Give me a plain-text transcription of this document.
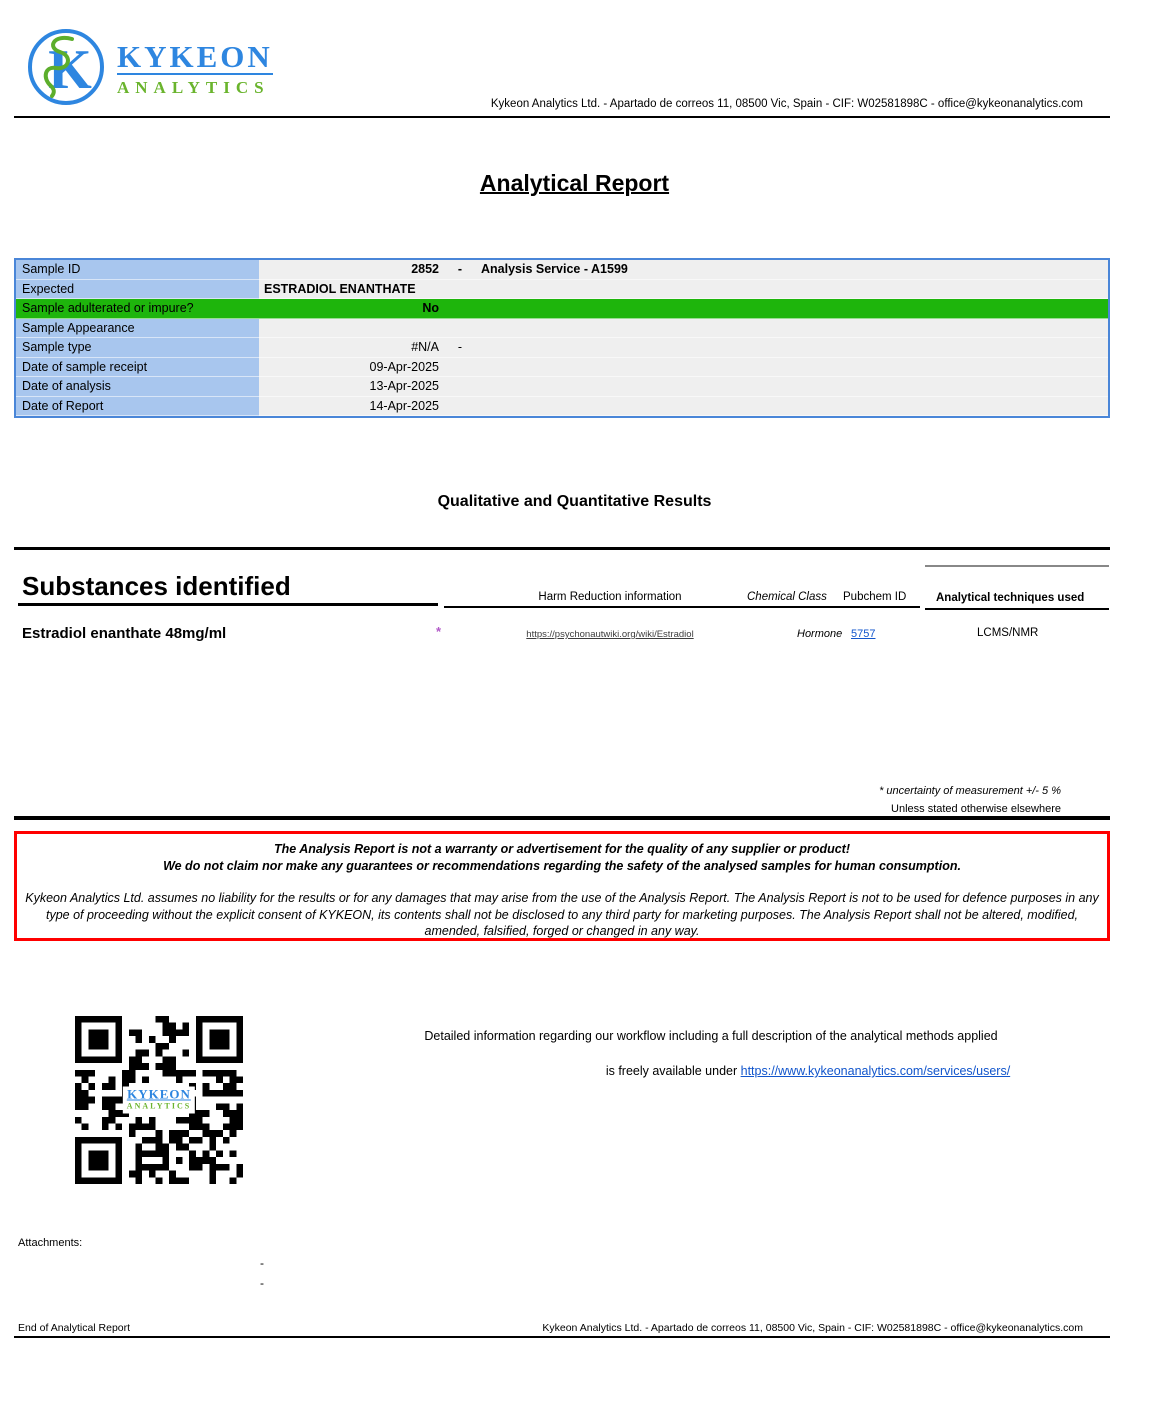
K KYKEON
ANALYTICS
Kykeon Analytics Ltd. - Apartado de correos 11, 08500 Vic, Spain - CIF: W02581898C - office@kykeonanalytics.com
Analytical Report
Sample ID	2852	-	Analysis Service - A1599
Expected	ESTRADIOL ENANTHATE
Sample adulterated or impure?	No
Sample Appearance
Sample type	#N/A	-
Date of sample receipt	09-Apr-2025
Date of analysis	13-Apr-2025
Date of Report	14-Apr-2025
Qualitative and Quantitative Results
Substances identified	Harm Reduction information	Chemical Class Pubchem ID	Analytical techniques used
Estradiol enanthate 48mg/ml	*	https://psychonautwiki.org/wiki/Estradiol	Hormone 5757	LCMS/NMR
* uncertainty of measurement +/- 5 %
Unless stated otherwise elsewhere
The Analysis Report is not a warranty or advertisement for the quality of any supplier or product!
We do not claim nor make any guarantees or recommendations regarding the safety of the analysed samples for human consumption.
Kykeon Analytics Ltd. assumes no liability for the results or for any damages that may arise from the use of the Analysis Report. The Analysis Report is not to be used for defence purposes in any type of proceeding without the explicit consent of KYKEON, its contents shall not be disclosed to any third party for marketing purposes. The Analysis Report shall not be altered, modified, amended, falsified, forged or changed in any way.
KYKEON
ANALYTICS
Detailed information regarding our workflow including a full description of the analytical methods applied
is freely available under https://www.kykeonanalytics.com/services/users/
Attachments:
-
-
End of Analytical Report	Kykeon Analytics Ltd. - Apartado de correos 11, 08500 Vic, Spain - CIF: W02581898C - office@kykeonanalytics.com
